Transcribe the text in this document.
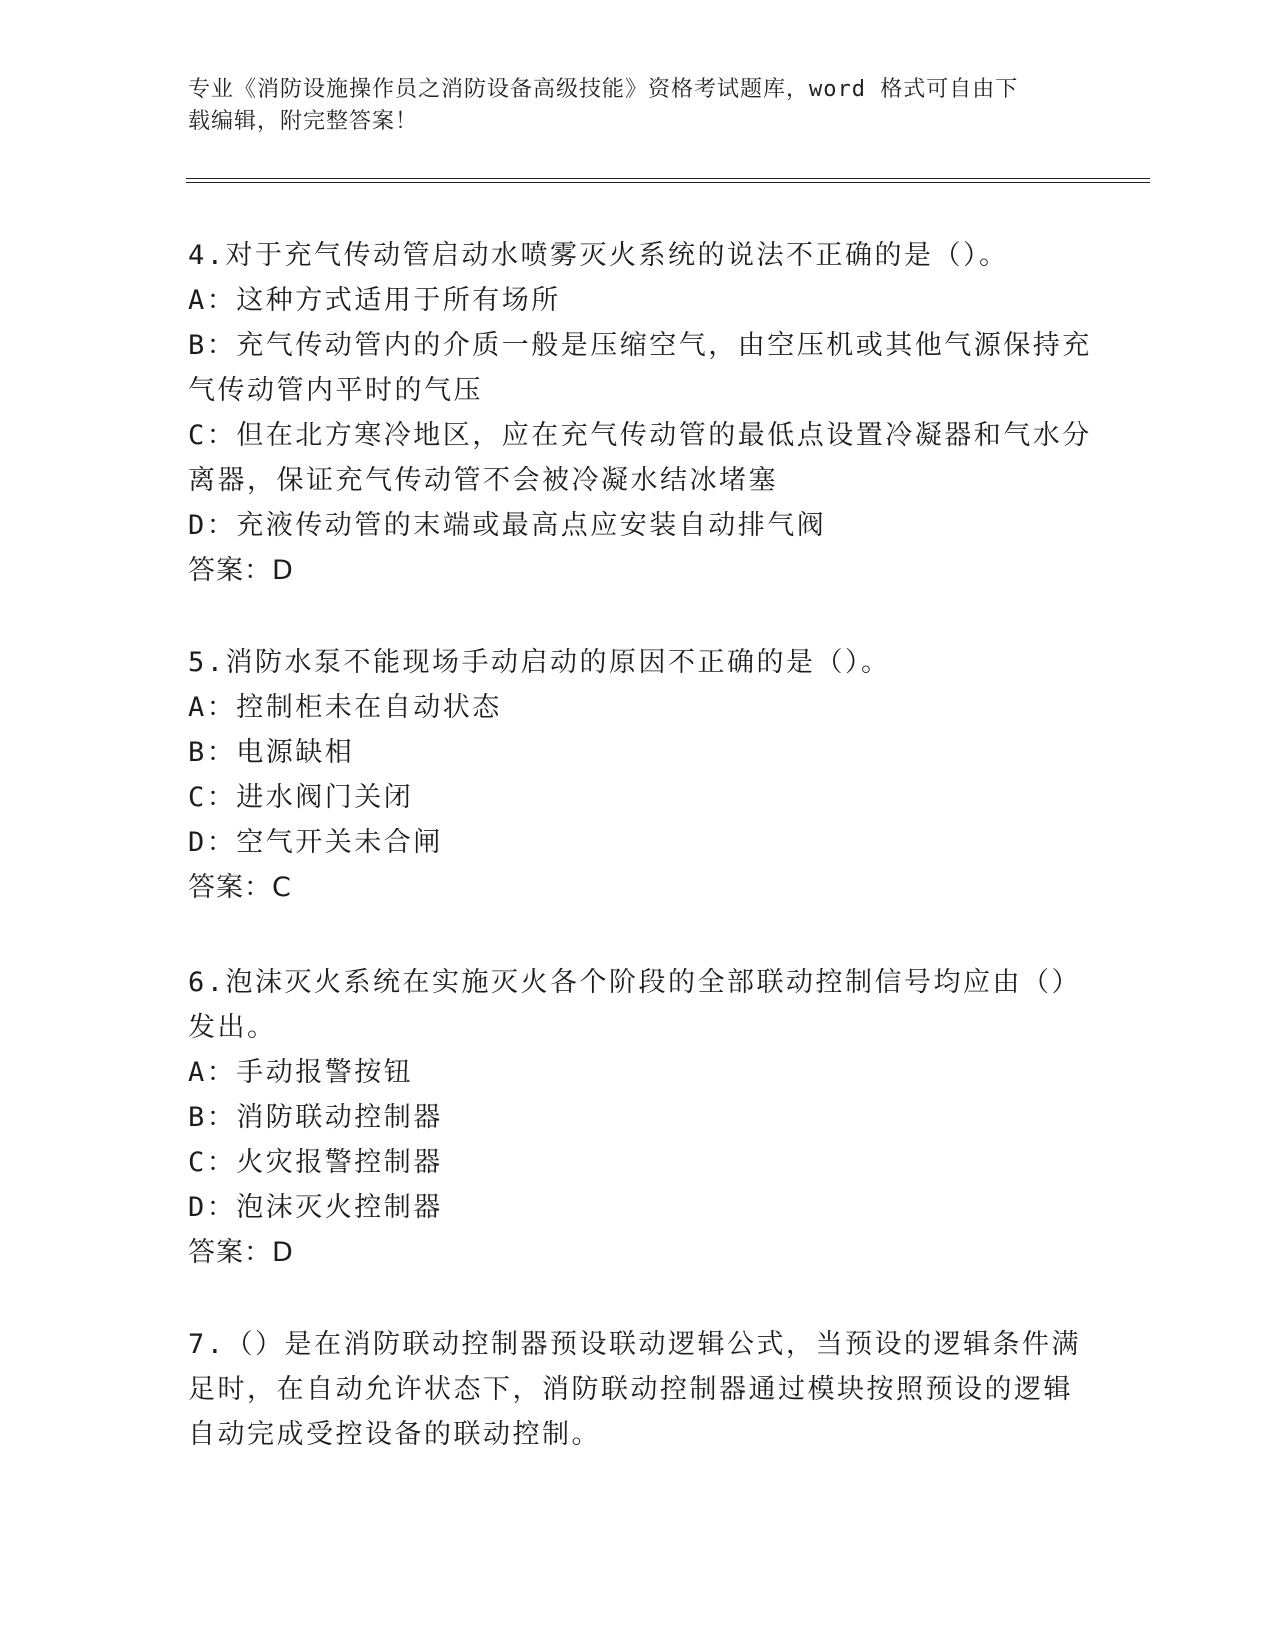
专业《消防设施操作员之消防设备高级技能》资格考试题库，word 格式可自由下
载编辑，附完整答案！
4.对于充气传动管启动水喷雾灭火系统的说法不正确的是（）。
A：这种方式适用于所有场所
B：充气传动管内的介质一般是压缩空气，由空压机或其他气源保持充
气传动管内平时的气压
C：但在北方寒冷地区，应在充气传动管的最低点设置冷凝器和气水分
离器，保证充气传动管不会被冷凝水结冰堵塞
D：充液传动管的末端或最高点应安装自动排气阀
答案：D
5.消防水泵不能现场手动启动的原因不正确的是（）。
A：控制柜未在自动状态
B：电源缺相
C：进水阀门关闭
D：空气开关未合闸
答案：C
6.泡沫灭火系统在实施灭火各个阶段的全部联动控制信号均应由（）
发出。
A：手动报警按钮
B：消防联动控制器
C：火灾报警控制器
D：泡沫灭火控制器
答案：D
7.（）是在消防联动控制器预设联动逻辑公式，当预设的逻辑条件满
足时，在自动允许状态下，消防联动控制器通过模块按照预设的逻辑
自动完成受控设备的联动控制。
